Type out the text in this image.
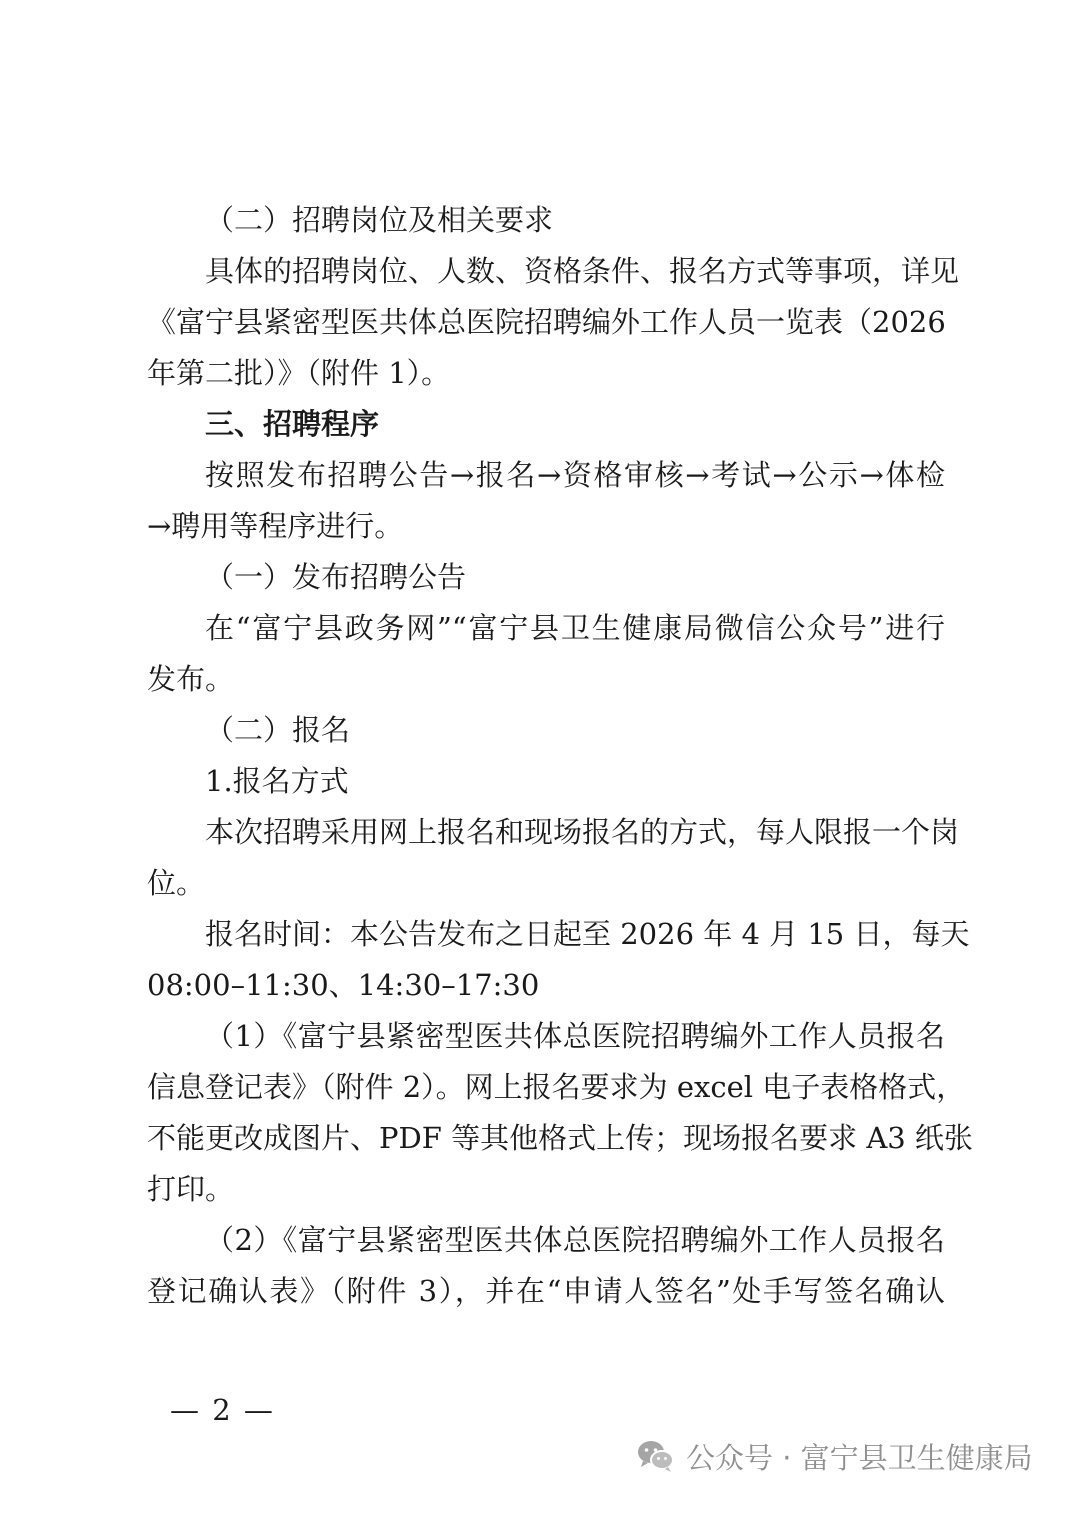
（二）招聘岗位及相关要求
具体的招聘岗位、人数、资格条件、报名方式等事项，详见
《富宁县紧密型医共体总医院招聘编外工作人员一览表（2026
年第二批）》（附件 1）。
三、招聘程序
按照发布招聘公告→报名→资格审核→考试→公示→体检
→聘用等程序进行。
（一）发布招聘公告
在“富宁县政务网”“富宁县卫生健康局微信公众号”进行
发布。
（二）报名
1.报名方式
本次招聘采用网上报名和现场报名的方式，每人限报一个岗
位。
报名时间：本公告发布之日起至 2026 年 4 月 15 日，每天
08:00–11:30、14:30–17:30
（1）《富宁县紧密型医共体总医院招聘编外工作人员报名
信息登记表》（附件 2）。网上报名要求为 excel 电子表格格式，
不能更改成图片、PDF 等其他格式上传；现场报名要求 A3 纸张
打印。
（2）《富宁县紧密型医共体总医院招聘编外工作人员报名
登记确认表》（附件 3），并在“申请人签名”处手写签名确认
— 2 —
公众号 · 富宁县卫生健康局
